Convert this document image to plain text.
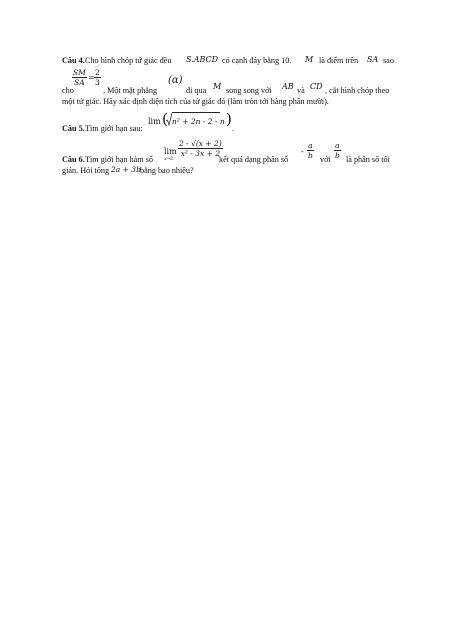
Câu 4. Cho hình chóp tứ giác đều S.ABCD có cạnh đáy bằng 10. M là điểm trên SA sao
cho
SM
SA
=
2
3
. Một mặt phẳng
(α)
đi qua M song song với AB và CD , cắt hình chóp theo
một tứ giác. Hãy xác định diện tích của tứ giác đó (làm tròn tới hàng phần mười).
Câu 5. Tìm giới hạn sau:
lim ( n² + 2n - 2 - n )
.
Câu 6. Tìm giới hạn hàm số
lim
x→2
2 - √(x + 2)
x² - 3x + 2
kết quả dạng phân số
-
a
b với
a
b là phân số tối
giản. Hỏi tổng 2a + 3b bằng bao nhiêu?
